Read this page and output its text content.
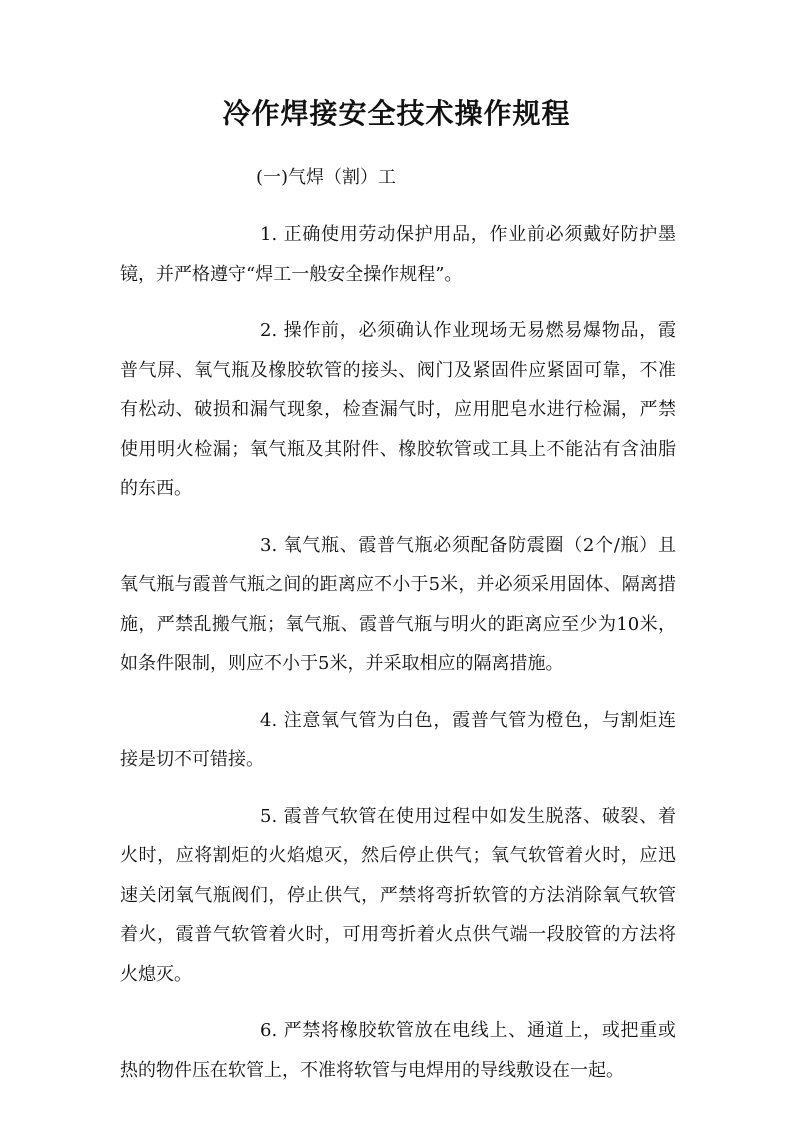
冷作焊接安全技术操作规程

(一)气焊（割）工

1. 正确使用劳动保护用品，作业前必须戴好防护墨镜，并严格遵守“焊工一般安全操作规程”。

2. 操作前，必须确认作业现场无易燃易爆物品，霞普气屏、氧气瓶及橡胶软管的接头、阀门及紧固件应紧固可靠，不准有松动、破损和漏气现象，检查漏气时，应用肥皂水进行检漏，严禁使用明火检漏；氧气瓶及其附件、橡胶软管或工具上不能沾有含油脂的东西。

3. 氧气瓶、霞普气瓶必须配备防震圈（2个/瓶）且氧气瓶与霞普气瓶之间的距离应不小于5米，并必须采用固体、隔离措施，严禁乱搬气瓶；氧气瓶、霞普气瓶与明火的距离应至少为10米，如条件限制，则应不小于5米，并采取相应的隔离措施。

4. 注意氧气管为白色，霞普气管为橙色，与割炬连接是切不可错接。

5. 霞普气软管在使用过程中如发生脱落、破裂、着火时，应将割炬的火焰熄灭，然后停止供气；氧气软管着火时，应迅速关闭氧气瓶阀们，停止供气，严禁将弯折软管的方法消除氧气软管着火，霞普气软管着火时，可用弯折着火点供气端一段胶管的方法将火熄灭。

6. 严禁将橡胶软管放在电线上、通道上，或把重或热的物件压在软管上，不准将软管与电焊用的导线敷设在一起。
